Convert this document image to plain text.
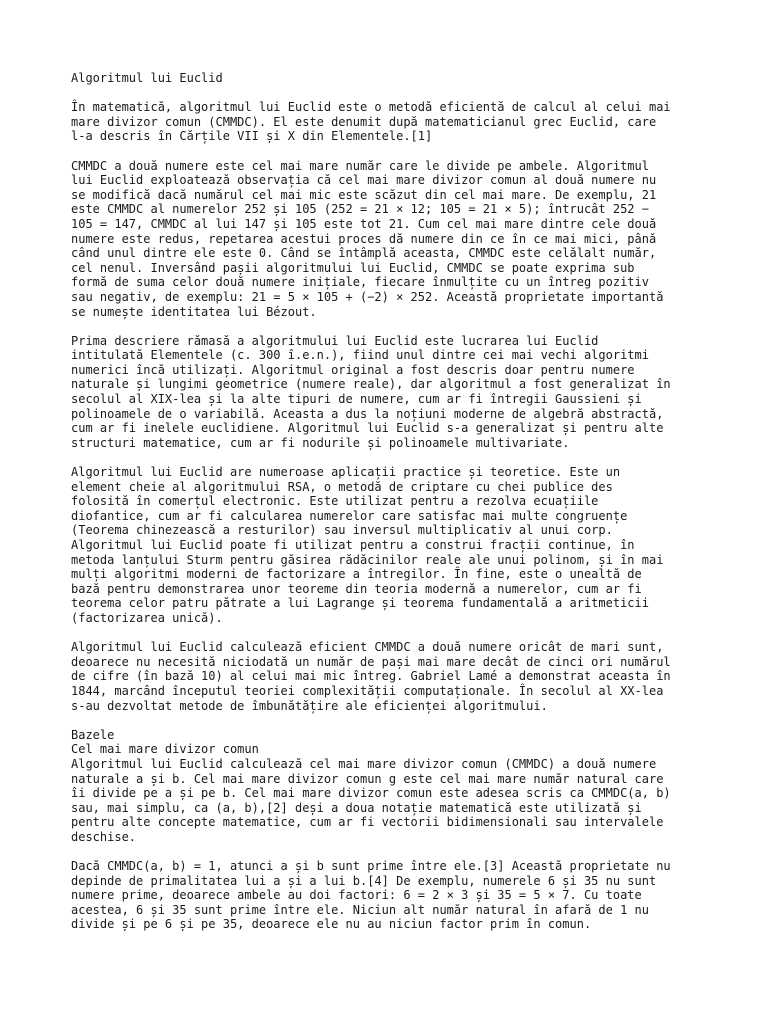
Algoritmul lui Euclid

În matematică, algoritmul lui Euclid este o metodă eficientă de calcul al celui mai
mare divizor comun (CMMDC). El este denumit după matematicianul grec Euclid, care
l-a descris în Cărțile VII și X din Elementele.[1]

CMMDC a două numere este cel mai mare număr care le divide pe ambele. Algoritmul
lui Euclid exploatează observația că cel mai mare divizor comun al două numere nu
se modifică dacă numărul cel mai mic este scăzut din cel mai mare. De exemplu, 21
este CMMDC al numerelor 252 și 105 (252 = 21 × 12; 105 = 21 × 5); întrucât 252 −
105 = 147, CMMDC al lui 147 și 105 este tot 21. Cum cel mai mare dintre cele două
numere este redus, repetarea acestui proces dă numere din ce în ce mai mici, până
când unul dintre ele este 0. Când se întâmplă aceasta, CMMDC este celălalt număr,
cel nenul. Inversând pașii algoritmului lui Euclid, CMMDC se poate exprima sub
formă de suma celor două numere inițiale, fiecare înmulțite cu un întreg pozitiv
sau negativ, de exemplu: 21 = 5 × 105 + (−2) × 252. Această proprietate importantă
se numește identitatea lui Bézout.

Prima descriere rămasă a algoritmului lui Euclid este lucrarea lui Euclid
intitulată Elementele (c. 300 î.e.n.), fiind unul dintre cei mai vechi algoritmi
numerici încă utilizați. Algoritmul original a fost descris doar pentru numere
naturale și lungimi geometrice (numere reale), dar algoritmul a fost generalizat în
secolul al XIX-lea și la alte tipuri de numere, cum ar fi întregii Gaussieni și
polinoamele de o variabilă. Aceasta a dus la noțiuni moderne de algebră abstractă,
cum ar fi inelele euclidiene. Algoritmul lui Euclid s-a generalizat și pentru alte
structuri matematice, cum ar fi nodurile și polinoamele multivariate.

Algoritmul lui Euclid are numeroase aplicații practice și teoretice. Este un
element cheie al algoritmului RSA, o metodă de criptare cu chei publice des
folosită în comerțul electronic. Este utilizat pentru a rezolva ecuațiile
diofantice, cum ar fi calcularea numerelor care satisfac mai multe congruențe
(Teorema chinezească a resturilor) sau inversul multiplicativ al unui corp.
Algoritmul lui Euclid poate fi utilizat pentru a construi fracții continue, în
metoda lanțului Sturm pentru găsirea rădăcinilor reale ale unui polinom, și în mai
mulți algoritmi moderni de factorizare a întregilor. În fine, este o unealtă de
bază pentru demonstrarea unor teoreme din teoria modernă a numerelor, cum ar fi
teorema celor patru pătrate a lui Lagrange și teorema fundamentală a aritmeticii
(factorizarea unică).

Algoritmul lui Euclid calculează eficient CMMDC a două numere oricât de mari sunt,
deoarece nu necesită niciodată un număr de pași mai mare decât de cinci ori numărul
de cifre (în bază 10) al celui mai mic întreg. Gabriel Lamé a demonstrat aceasta în
1844, marcând începutul teoriei complexității computaționale. În secolul al XX-lea
s-au dezvoltat metode de îmbunătățire ale eficienței algoritmului.

Bazele
Cel mai mare divizor comun
Algoritmul lui Euclid calculează cel mai mare divizor comun (CMMDC) a două numere
naturale a și b. Cel mai mare divizor comun g este cel mai mare număr natural care
îi divide pe a și pe b. Cel mai mare divizor comun este adesea scris ca CMMDC(a, b)
sau, mai simplu, ca (a, b),[2] deși a doua notație matematică este utilizată și
pentru alte concepte matematice, cum ar fi vectorii bidimensionali sau intervalele
deschise.

Dacă CMMDC(a, b) = 1, atunci a și b sunt prime între ele.[3] Această proprietate nu
depinde de primalitatea lui a și a lui b.[4] De exemplu, numerele 6 și 35 nu sunt
numere prime, deoarece ambele au doi factori: 6 = 2 × 3 și 35 = 5 × 7. Cu toate
acestea, 6 și 35 sunt prime între ele. Niciun alt număr natural în afară de 1 nu
divide și pe 6 și pe 35, deoarece ele nu au niciun factor prim în comun.
